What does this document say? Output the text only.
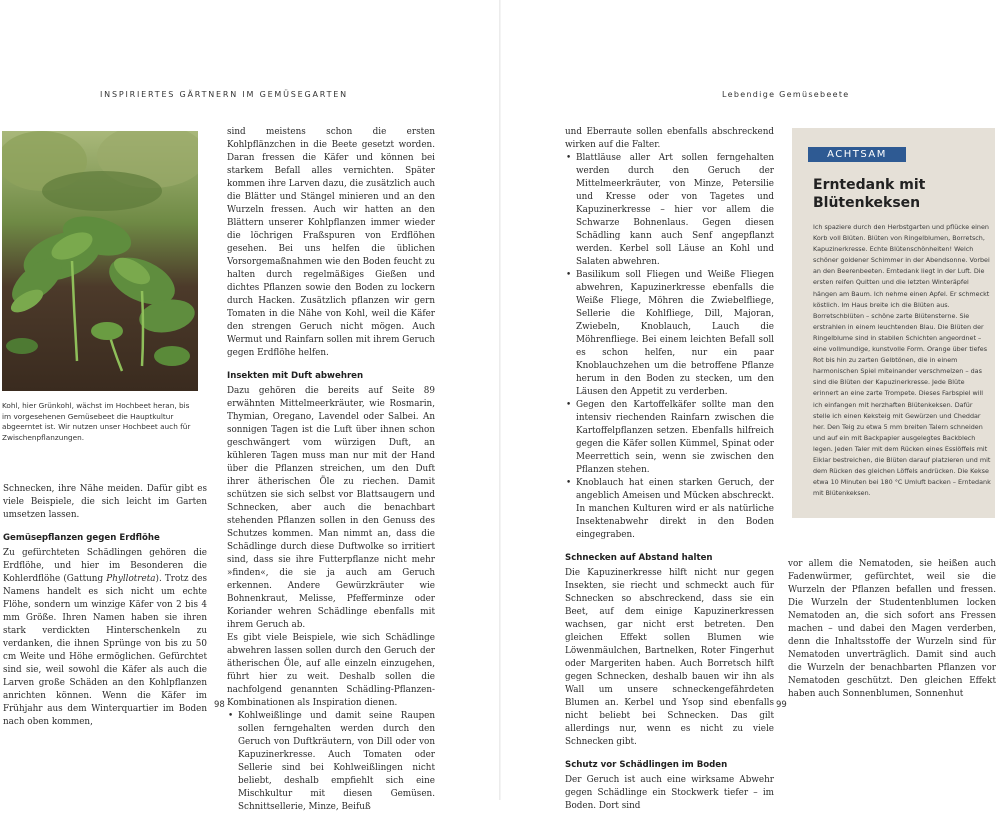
INSPIRIERTES GÄRTNERN IM GEMÜSEGARTEN
Kohl, hier Grünkohl, wächst im Hochbeet heran, bis im vorgesehenen Gemüsebeet die Hauptkultur abgeerntet ist. Wir nutzen unser Hochbeet auch für Zwischenpflanzungen.

Schnecken, ihre Nähe meiden. Dafür gibt es viele Beispiele, die sich leicht im Garten umsetzen lassen.

Gemüsepflanzen gegen Erdflöhe

Zu gefürchteten Schädlingen gehören die Erdflöhe, und hier im Besonderen die Kohlerdflöhe (Gattung Phyllotreta). Trotz des Namens handelt es sich nicht um echte Flöhe, sondern um winzige Käfer von 2 bis 4 mm Größe. Ihren Namen haben sie ihren stark verdickten Hinterschenkeln zu verdanken, die ihnen Sprünge von bis zu 50 cm Weite und Höhe ermöglichen. Gefürchtet sind sie, weil sowohl die Käfer als auch die Larven große Schäden an den Kohlpflanzen anrichten können. Wenn die Käfer im Frühjahr aus dem Winterquartier im Boden nach oben kommen,

sind meistens schon die ersten Kohlpflänzchen in die Beete gesetzt worden. Daran fressen die Käfer und können bei starkem Befall alles vernichten. Später kommen ihre Larven dazu, die zusätzlich auch die Blätter und Stängel minieren und an den Wurzeln fressen. Auch wir hatten an den Blättern unserer Kohlpflanzen immer wieder die löchrigen Fraßspuren von Erdflöhen gesehen. Bei uns helfen die üblichen Vorsorgemaßnahmen wie den Boden feucht zu halten durch regelmäßiges Gießen und dichtes Pflanzen sowie den Boden zu lockern durch Hacken. Zusätzlich pflanzen wir gern Tomaten in die Nähe von Kohl, weil die Käfer den strengen Geruch nicht mögen. Auch Wermut und Rainfarn sollen mit ihrem Geruch gegen Erdflöhe helfen.

Insekten mit Duft abwehren

Dazu gehören die bereits auf Seite 89 erwähnten Mittelmeerkräuter, wie Rosmarin, Thymian, Oregano, Lavendel oder Salbei. An sonnigen Tagen ist die Luft über ihnen schon geschwängert vom würzigen Duft, an kühleren Tagen muss man nur mit der Hand über die Pflanzen streichen, um den Duft ihrer ätherischen Öle zu riechen. Damit schützen sie sich selbst vor Blattsaugern und Schnecken, aber auch die benachbart stehenden Pflanzen sollen in den Genuss des Schutzes kommen. Man nimmt an, dass die Schädlinge durch diese Duftwolke so irritiert sind, dass sie ihre Futterpflanze nicht mehr »finden«, die sie ja auch am Geruch erkennen. Andere Gewürzkräuter wie Bohnenkraut, Melisse, Pfefferminze oder Koriander wehren Schädlinge ebenfalls mit ihrem Geruch ab.

Es gibt viele Beispiele, wie sich Schädlinge abwehren lassen sollen durch den Geruch der ätherischen Öle, auf alle einzeln einzugehen, führt hier zu weit. Deshalb sollen die nachfolgend genannten Schädling-Pflanzen-Kombinationen als Inspiration dienen.

• Kohlweißlinge und damit seine Raupen sollen ferngehalten werden durch den Geruch von Duftkräutern, von Dill oder von Kapuzinerkresse. Auch Tomaten oder Sellerie sind bei Kohlweißlingen nicht beliebt, deshalb empfiehlt sich eine Mischkultur mit diesen Gemüsen. Schnittsellerie, Minze, Beifuß
98
Lebendige Gemüsebeete

und Eberraute sollen ebenfalls abschreckend wirken auf die Falter.

• Blattläuse aller Art sollen ferngehalten werden durch den Geruch der Mittelmeerkräuter, von Minze, Petersilie und Kresse oder von Tagetes und Kapuzinerkresse – hier vor allem die Schwarze Bohnenlaus. Gegen diesen Schädling kann auch Senf angepflanzt werden. Kerbel soll Läuse an Kohl und Salaten abwehren.
• Basilikum soll Fliegen und Weiße Fliegen abwehren, Kapuzinerkresse ebenfalls die Weiße Fliege, Möhren die Zwiebelfliege, Sellerie die Kohlfliege, Dill, Majoran, Zwiebeln, Knoblauch, Lauch die Möhrenfliege. Bei einem leichten Befall soll es schon helfen, nur ein paar Knoblauchzehen um die betroffene Pflanze herum in den Boden zu stecken, um den Läusen den Appetit zu verderben.
• Gegen den Kartoffelkäfer sollte man den intensiv riechenden Rainfarn zwischen die Kartoffelpflanzen setzen. Ebenfalls hilfreich gegen die Käfer sollen Kümmel, Spinat oder Meerrettich sein, wenn sie zwischen den Pflanzen stehen.
• Knoblauch hat einen starken Geruch, der angeblich Ameisen und Mücken abschreckt. In manchen Kulturen wird er als natürliche Insektenabwehr direkt in den Boden eingegraben.
Schnecken auf Abstand halten

Die Kapuzinerkresse hilft nicht nur gegen Insekten, sie riecht und schmeckt auch für Schnecken so abschreckend, dass sie ein Beet, auf dem einige Kapuzinerkressen wachsen, gar nicht erst betreten. Den gleichen Effekt sollen Blumen wie Löwenmäulchen, Bartnelken, Roter Fingerhut oder Margeriten haben. Auch Borretsch hilft gegen Schnecken, deshalb bauen wir ihn als Wall um unsere schneckengefährdeten Blumen an. Kerbel und Ysop sind ebenfalls nicht beliebt bei Schnecken. Das gilt allerdings nur, wenn es nicht zu viele Schnecken gibt.

Schutz vor Schädlingen im Boden

Der Geruch ist auch eine wirksame Abwehr gegen Schädlinge ein Stockwerk tiefer – im Boden. Dort sind

ACHTSAM
Erntedank mit Blütenkeksen
Ich spaziere durch den Herbstgarten und pflücke einen Korb voll Blüten. Blüten von Ringelblumen, Borretsch, Kapuzinerkresse. Echte Blütenschönheiten! Welch schöner goldener Schimmer in der Abendsonne. Vorbei an den Beerenbeeten. Erntedank liegt in der Luft. Die ersten reifen Quitten und die letzten Winteräpfel hängen am Baum. Ich nehme einen Apfel. Er schmeckt köstlich. Im Haus breite ich die Blüten aus. Borretschblüten – schöne zarte Blütensterne. Sie erstrahlen in einem leuchtenden Blau. Die Blüten der Ringelblume sind in stabilen Schichten angeordnet – eine vollmundige, kunstvolle Form. Orange über tiefes Rot bis hin zu zarten Gelbtönen, die in einem harmonischen Spiel miteinander verschmelzen – das sind die Blüten der Kapuzinerkresse. Jede Blüte erinnert an eine zarte Trompete. Dieses Farbspiel will ich einfangen mit herzhaften Blütenkeksen. Dafür stelle ich einen Keksteig mit Gewürzen und Cheddar her. Den Teig zu etwa 5 mm breiten Talern schneiden und auf ein mit Backpapier ausgelegtes Backblech legen. Jeden Taler mit dem Rücken eines Esslöffels mit Eiklar bestreichen, die Blüten darauf platzieren und mit dem Rücken des gleichen Löffels andrücken. Die Kekse etwa 10 Minuten bei 180 °C Umluft backen – Erntedank mit Blütenkeksen.

vor allem die Nematoden, sie heißen auch Fadenwürmer, gefürchtet, weil sie die Wurzeln der Pflanzen befallen und fressen. Die Wurzeln der Studentenblumen locken Nematoden an, die sich sofort ans Fressen machen – und dabei den Magen verderben, denn die Inhaltsstoffe der Wurzeln sind für Nematoden unverträglich. Damit sind auch die Wurzeln der benachbarten Pflanzen vor Nematoden geschützt. Den gleichen Effekt haben auch Sonnenblumen, Sonnenhut

99
